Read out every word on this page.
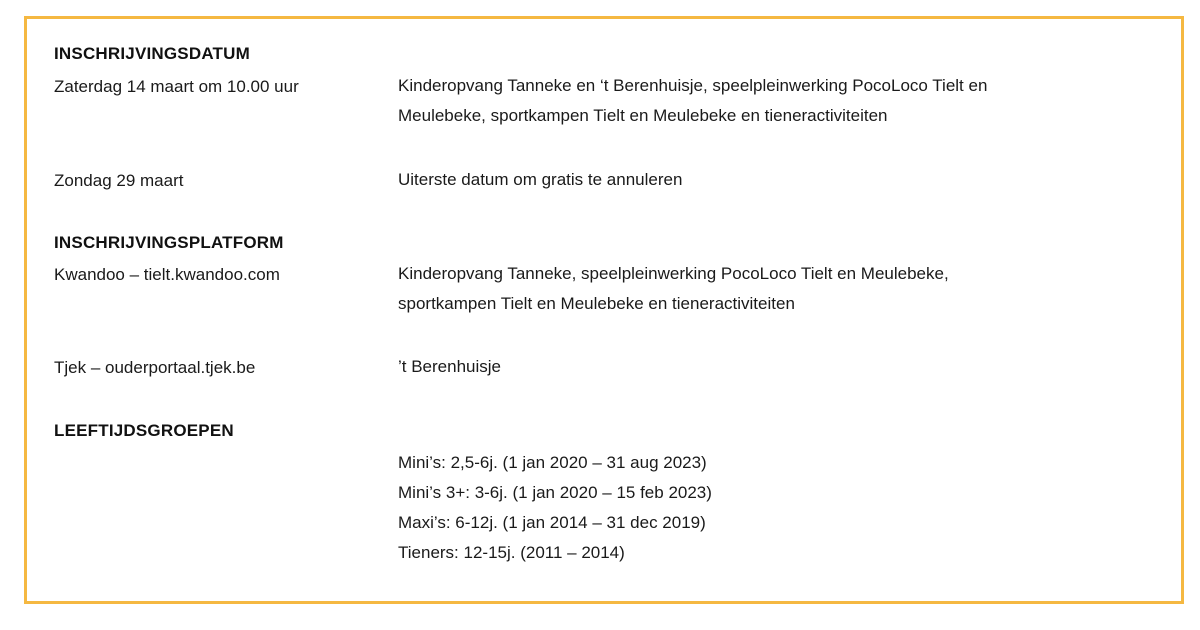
INSCHRIJVINGSDATUM
Zaterdag 14 maart om 10.00 uur	Kinderopvang Tanneke en ‘t Berenhuisje, speelpleinwerking PocoLoco Tielt en
Meulebeke, sportkampen Tielt en Meulebeke en tieneractiviteiten
Zondag 29 maart	Uiterste datum om gratis te annuleren
INSCHRIJVINGSPLATFORM
Kwandoo – tielt.kwandoo.com	Kinderopvang Tanneke, speelpleinwerking PocoLoco Tielt en Meulebeke,
sportkampen Tielt en Meulebeke en tieneractiviteiten
Tjek – ouderportaal.tjek.be	’t Berenhuisje
LEEFTIJDSGROEPEN
Mini’s: 2,5-6j. (1 jan 2020 – 31 aug 2023)
Mini’s 3+: 3-6j. (1 jan 2020 – 15 feb 2023)
Maxi’s: 6-12j. (1 jan 2014 – 31 dec 2019)
Tieners: 12-15j. (2011 – 2014)
